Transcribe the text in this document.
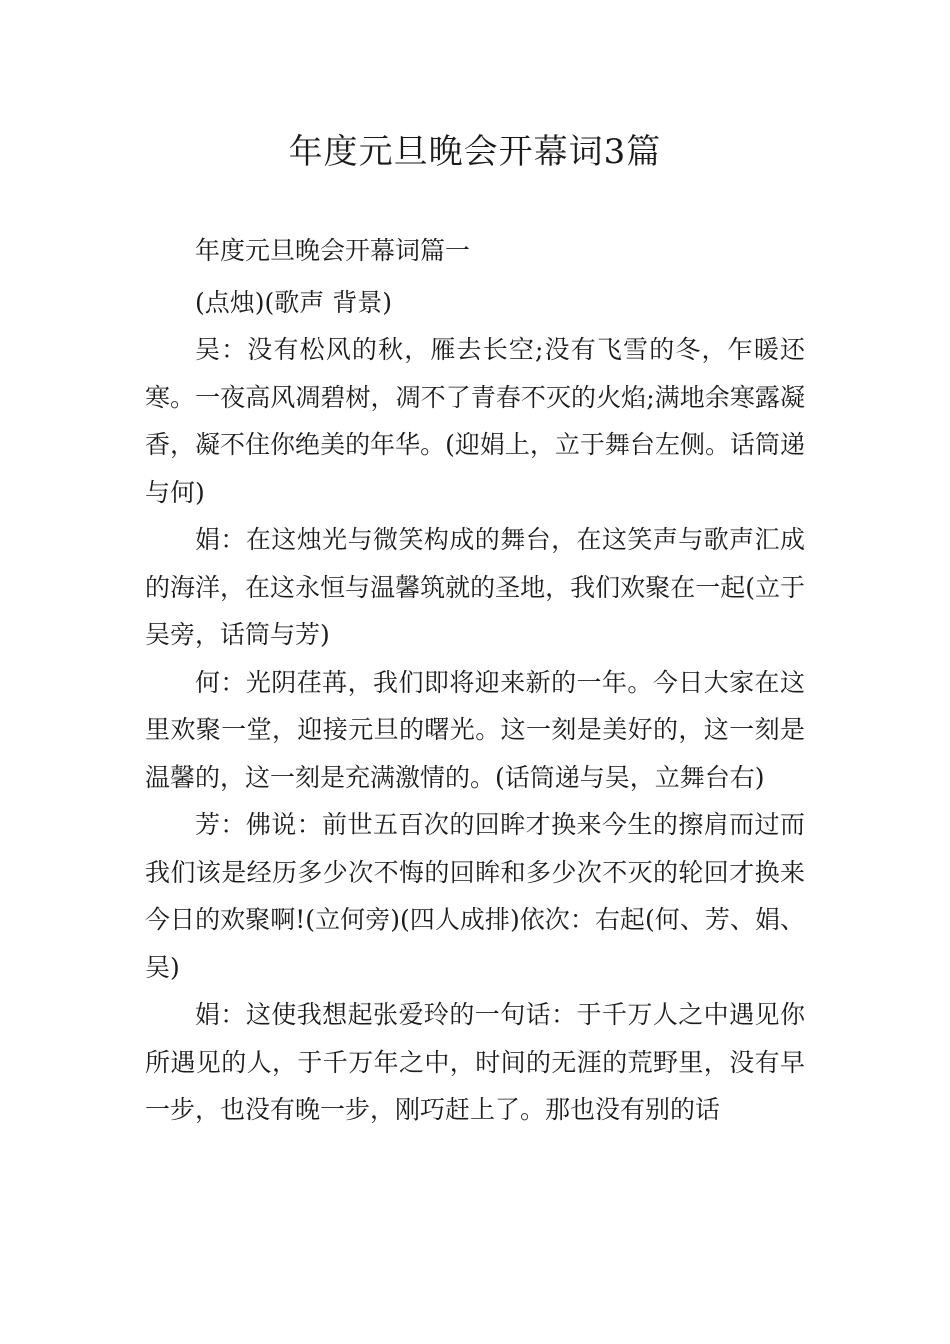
年度元旦晚会开幕词3篇

年度元旦晚会开幕词篇一

(点烛)(歌声 背景)

吴：没有松风的秋，雁去长空;没有飞雪的冬，乍暖还寒。一夜高风凋碧树，凋不了青春不灭的火焰;满地余寒露凝香，凝不住你绝美的年华。(迎娟上，立于舞台左侧。话筒递与何)

娟：在这烛光与微笑构成的舞台，在这笑声与歌声汇成的海洋，在这永恒与温馨筑就的圣地，我们欢聚在一起(立于吴旁，话筒与芳)

何：光阴荏苒，我们即将迎来新的一年。今日大家在这里欢聚一堂，迎接元旦的曙光。这一刻是美好的，这一刻是温馨的，这一刻是充满激情的。(话筒递与吴，立舞台右)

芳：佛说：前世五百次的回眸才换来今生的擦肩而过而我们该是经历多少次不悔的回眸和多少次不灭的轮回才换来今日的欢聚啊!(立何旁)(四人成排)依次：右起(何、芳、娟、吴)

娟：这使我想起张爱玲的一句话：于千万人之中遇见你所遇见的人，于千万年之中，时间的无涯的荒野里，没有早一步，也没有晚一步，刚巧赶上了。那也没有别的话
